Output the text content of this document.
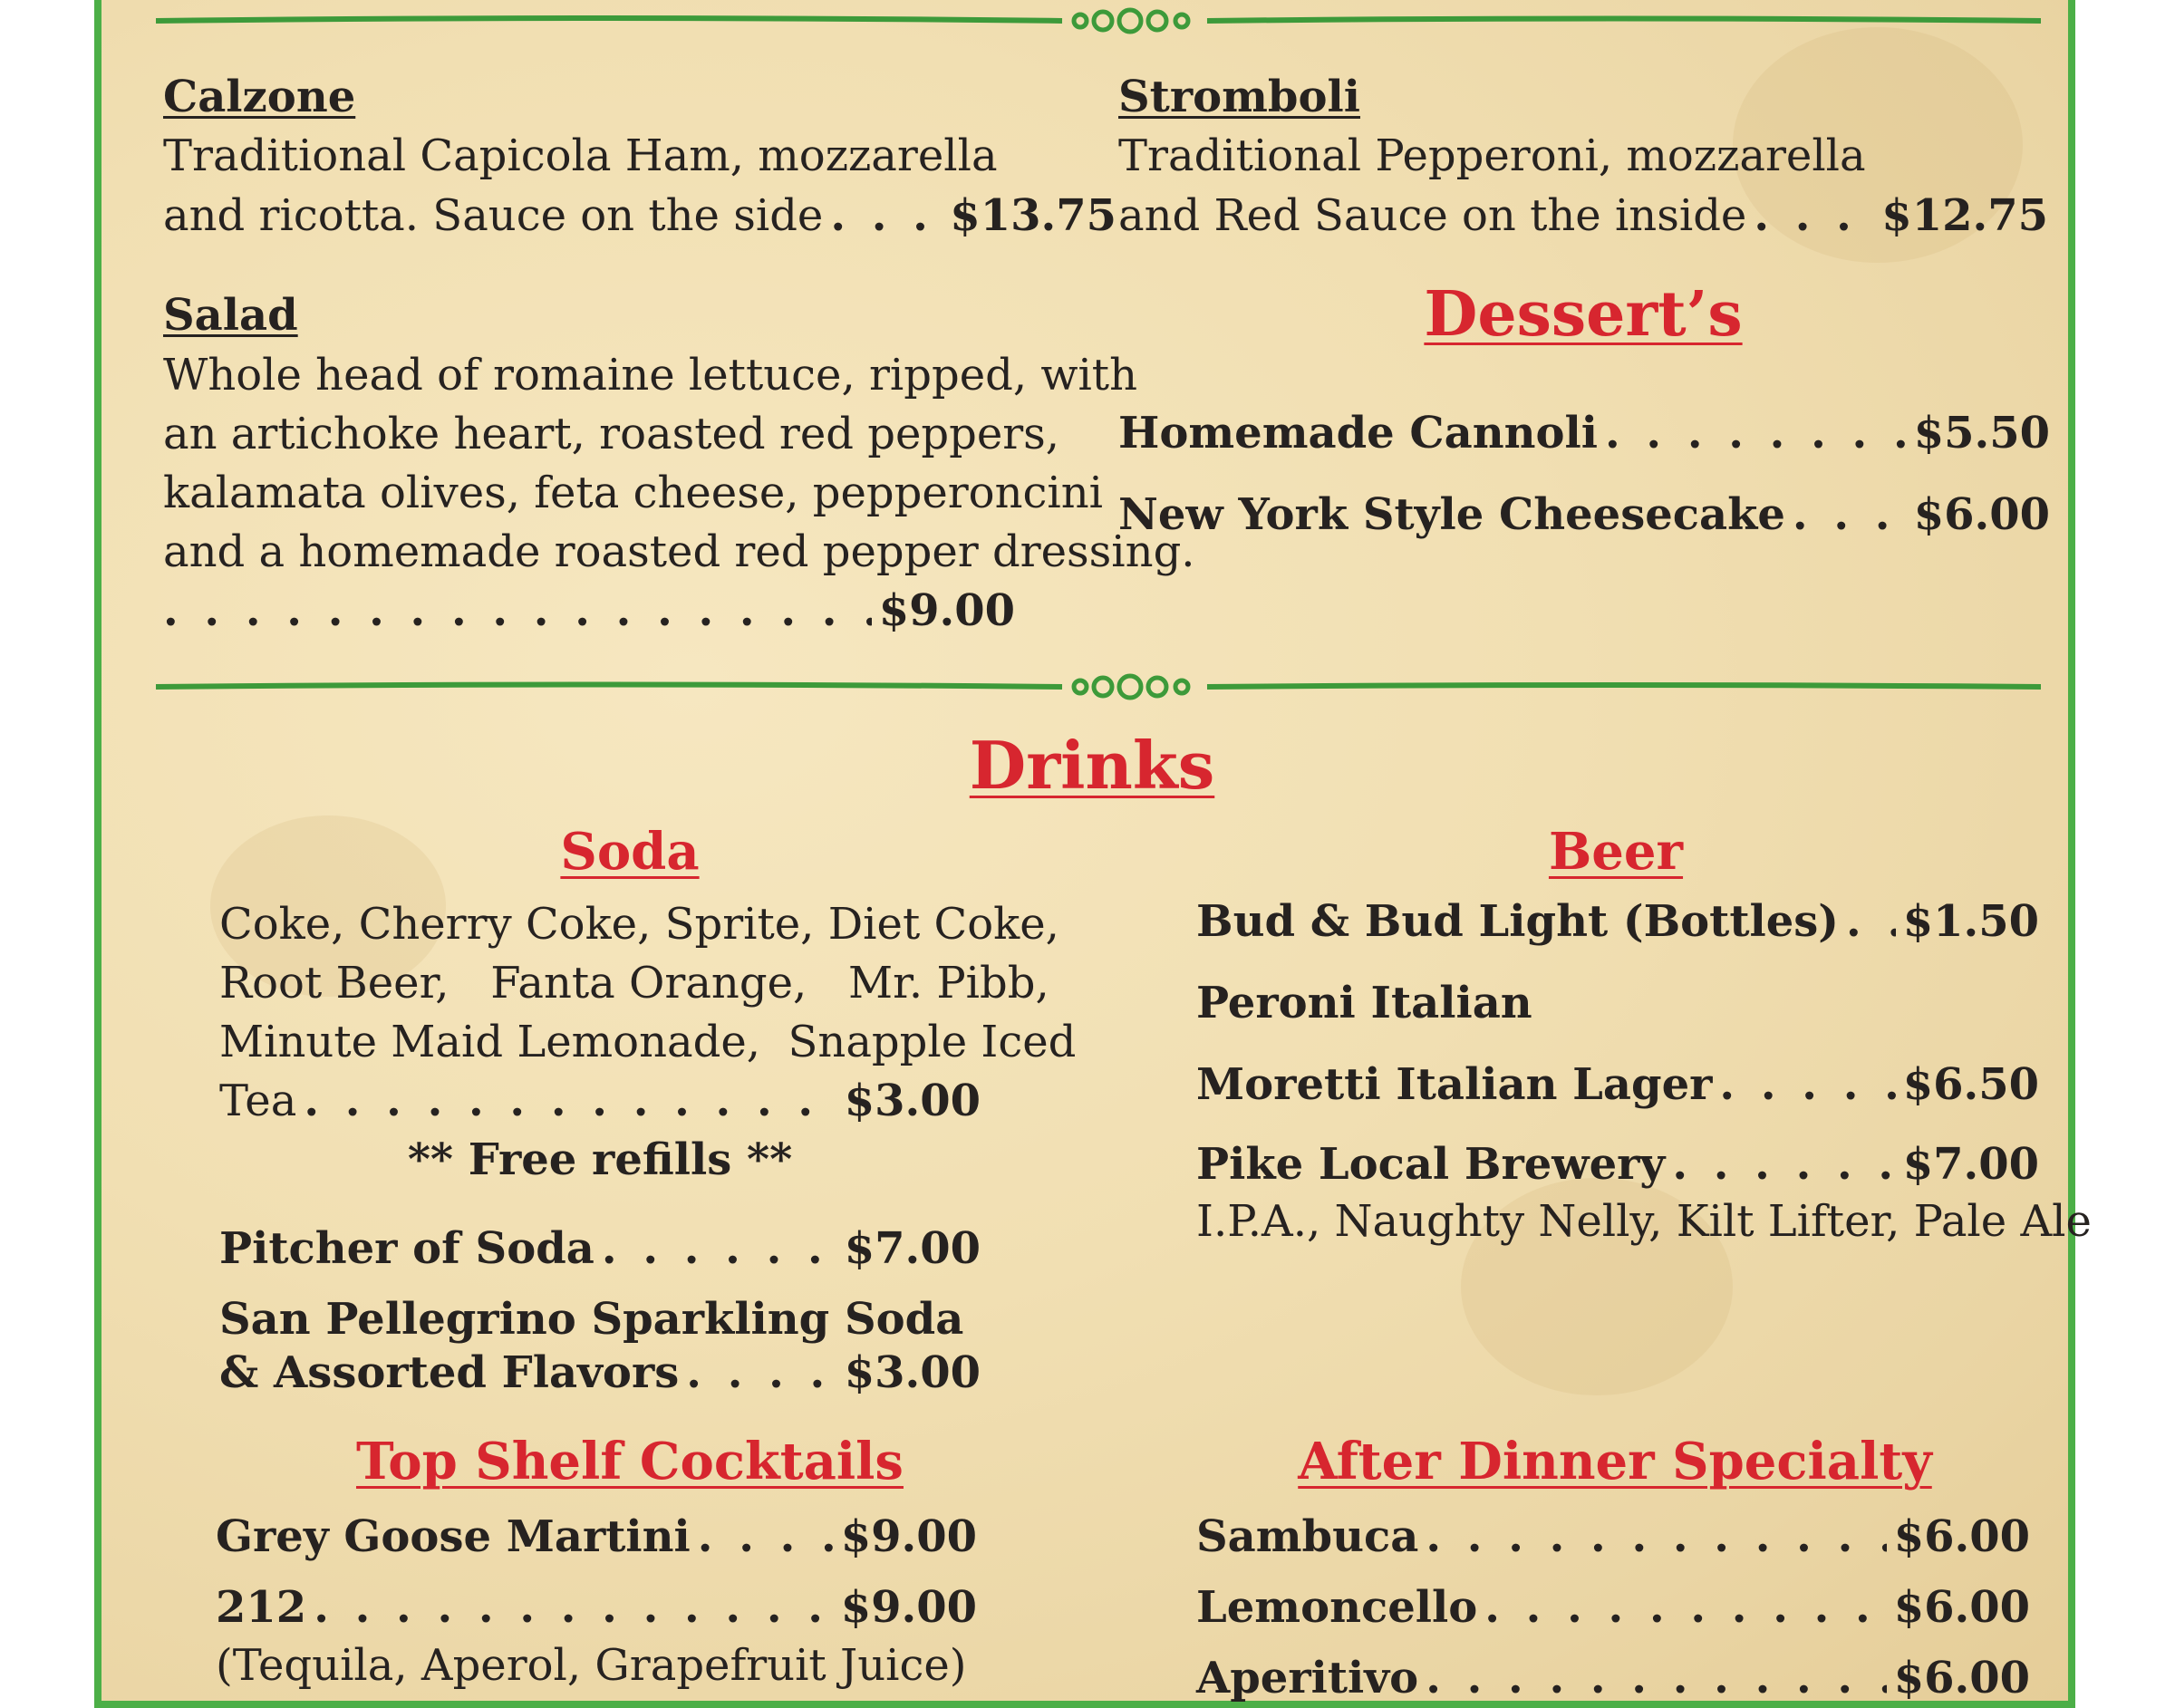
Calzone
Traditional Capicola Ham, mozzarella
and ricotta. Sauce on the side . . .	$13.75
Stromboli
Traditional Pepperoni, mozzarella
and Red Sauce on the inside . . .	$12.75
Salad
Whole head of romaine lettuce, ripped, with
an artichoke heart, roasted red peppers,
kalamata olives, feta cheese, pepperoncini
and a homemade roasted red pepper dressing.
. . .
$9.00
Dessert’s
Homemade Cannoli . . .	$5.50
New York Style Cheesecake . . .	$6.00
Drinks
Soda
Coke, Cherry Coke, Sprite, Diet Coke,
Root Beer,   Fanta Orange,   Mr. Pibb,
Minute Maid Lemonade,  Snapple Iced
Tea . . .	$3.00
** Free refills **
Pitcher of Soda . . .	$7.00
San Pellegrino Sparkling Soda
& Assorted Flavors . . .	$3.00
Beer
Bud & Bud Light (Bottles) . . . $1.50
Peroni Italian
Moretti Italian Lager . . .	$6.50
Pike Local Brewery . . .	$7.00
I.P.A., Naughty Nelly, Kilt Lifter, Pale Ale
Top Shelf Cocktails
Grey Goose Martini . . .	$9.00
212 . . .	$9.00
(Tequila, Aperol, Grapefruit Juice)
After Dinner Specialty
Sambuca . . .	$6.00
Lemoncello . . .	$6.00
Aperitivo . . .	$6.00
